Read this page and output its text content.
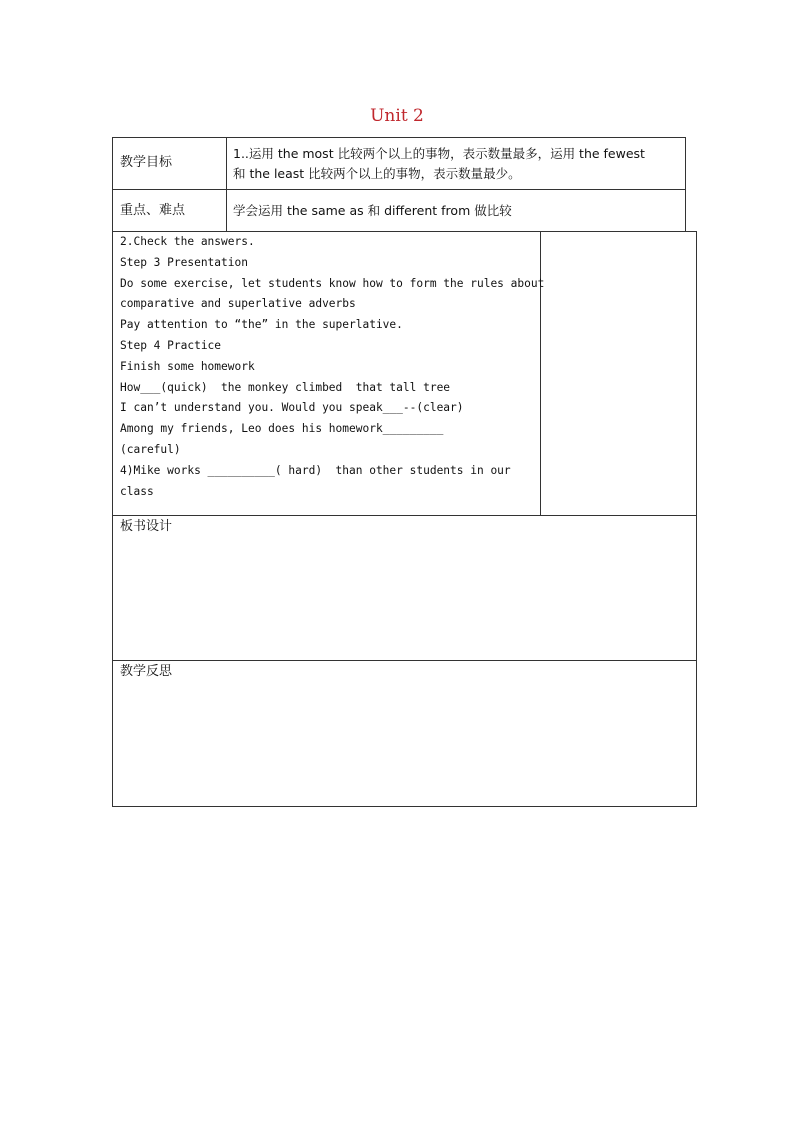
Unit 2
教学目标
1..运用 the most 比较两个以上的事物，表示数量最多，运用 the fewest
和 the least 比较两个以上的事物，表示数量最少。
重点、难点	学会运用 the same as 和 different from 做比较
2.Check the answers.
Step 3 Presentation
Do some exercise, let students know how to form the rules about
comparative and superlative adverbs
Pay attention to “the” in the superlative.
Step 4 Practice
Finish some homework
How___(quick)  the monkey climbed  that tall tree
I can’t understand you. Would you speak___--(clear)
Among my friends, Leo does his homework_________
(careful)
4)Mike works __________( hard)  than other students in our
class
板书设计
教学反思
